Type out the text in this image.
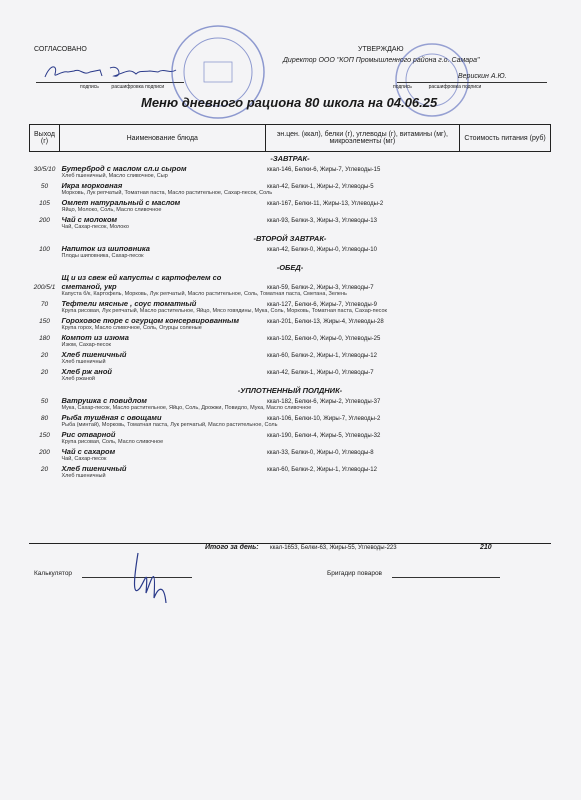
СОГЛАСОВАНО	УТВЕРЖДАЮ
Директор ООО "КОП Промышленного района г.о. Самара"
подпись	расшифровка подписи
Верискин А.Ю.
подпись	расшифровка подписи
Меню дневного рациона 80 школа на 04.06.25
Выход (г)	Наименование блюда	эн.цен. (ккал), белки (г), углеводы (г), витамины (мг), микроэлементы (мг)	Стоимость питания (руб)
-ЗАВТРАК-			
30/5/10	Бутерброд с маслом сл.и сыром	ккал-146, Белки-6, Жиры-7, Углеводы-15	
	Хлеб пшеничный, Масло сливочное, Сыр		
50	Икра морковная	ккал-42, Белки-1, Жиры-2, Углеводы-5	
	Морковь, Лук репчатый, Томатная паста, Масло растительное, Сахар-песок, Соль		
105	Омлет натуральный с маслом	ккал-167, Белки-11, Жиры-13, Углеводы-2	
	Яйцо, Молоко, Соль, Масло сливочное		
200	Чай с молоком	ккал-93, Белки-3, Жиры-3, Углеводы-13	
	Чай, Сахар-песок, Молоко		
-ВТОРОЙ ЗАВТРАК-			
100	Напиток из шиповника	ккал-42, Белки-0, Жиры-0, Углеводы-10	
	Плоды шиповника, Сахар-песок		
-ОБЕД-			
200/5/1	Щ и из свеж ей капусты с картофелем со сметаной, укр	ккал-59, Белки-2, Жиры-3, Углеводы-7	
	Капуста б/к, Картофель, Морковь, Лук репчатый, Масло растительное, Соль, Томатная паста, Сметана, Зелень		
70	Тефтели мясные , соус томатный	ккал-127, Белки-6, Жиры-7, Углеводы-9	
	Крупа рисовая, Лук репчатый, Масло растительное, Яйцо, Мясо говядины, Мука, Соль, Морковь, Томатная паста, Сахар-песок		
150	Гороховое пюре с огурцом консервированным	ккал-201, Белки-13, Жиры-4, Углеводы-28	
	Крупа горох, Масло сливочное, Соль, Огурцы соленые		
180	Компот из изюма	ккал-102, Белки-0, Жиры-0, Углеводы-25	
	Изюм, Сахар-песок		
20	Хлеб пшеничный	ккал-60, Белки-2, Жиры-1, Углеводы-12	
	Хлеб пшеничный		
20	Хлеб рж аной	ккал-42, Белки-1, Жиры-0, Углеводы-7	
	Хлеб ржаной		
-УПЛОТНЕННЫЙ ПОЛДНИК-			
50	Ватрушка с повидлом	ккал-182, Белки-6, Жиры-2, Углеводы-37	
	Мука, Сахар-песок, Масло растительное, Яйцо, Соль, Дрожжи, Повидло, Мука, Масло сливочное		
80	Рыба тушёная с овощами	ккал-106, Белки-10, Жиры-7, Углеводы-2	
	Рыба (минтай), Морковь, Томатная паста, Лук репчатый, Масло растительное, Соль		
150	Рис отварной	ккал-190, Белки-4, Жиры-5, Углеводы-32	
	Крупа рисовая, Соль, Масло сливочное		
200	Чай с сахаром	ккал-33, Белки-0, Жиры-0, Углеводы-8	
	Чай, Сахар-песок		
20	Хлеб пшеничный	ккал-60, Белки-2, Жиры-1, Углеводы-12	
	Хлеб пшеничный		
Итого за день: ккал-1653, Белки-63, Жиры-55, Углеводы-223	210
Калькулятор	Бригадир поваров
